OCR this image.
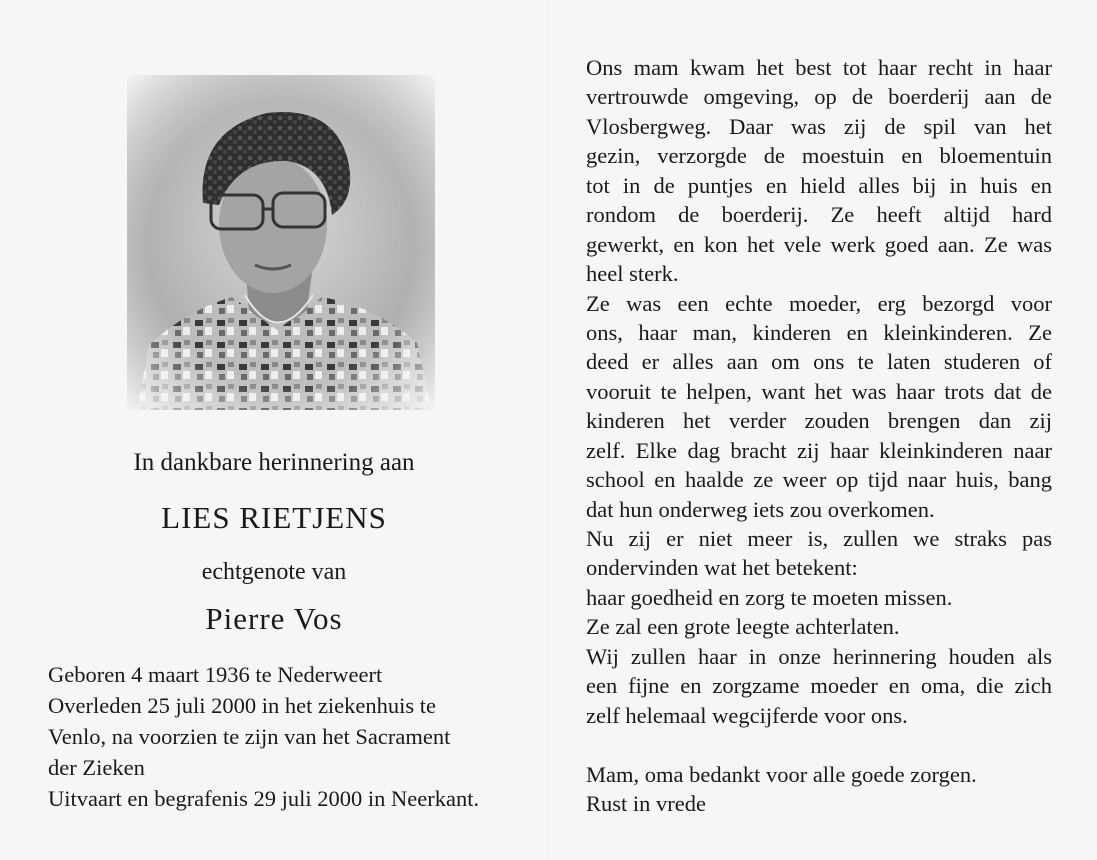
In dankbare herinnering aan
LIES RIETJENS
echtgenote van
Pierre Vos
Geboren 4 maart 1936 te Nederweert
Overleden 25 juli 2000 in het ziekenhuis te
Venlo, na voorzien te zijn van het Sacrament
der Zieken
Uitvaart en begrafenis 29 juli 2000 in Neerkant.
Ons mam kwam het best tot haar recht in haar
vertrouwde omgeving, op de boerderij aan de
Vlosbergweg. Daar was zij de spil van het
gezin, verzorgde de moestuin en bloementuin
tot in de puntjes en hield alles bij in huis en
rondom de boerderij. Ze heeft altijd hard
gewerkt, en kon het vele werk goed aan. Ze was
heel sterk.
Ze was een echte moeder, erg bezorgd voor
ons, haar man, kinderen en kleinkinderen. Ze
deed er alles aan om ons te laten studeren of
vooruit te helpen, want het was haar trots dat de
kinderen het verder zouden brengen dan zij
zelf. Elke dag bracht zij haar kleinkinderen naar
school en haalde ze weer op tijd naar huis, bang
dat hun onderweg iets zou overkomen.
Nu zij er niet meer is, zullen we straks pas
ondervinden wat het betekent:
haar goedheid en zorg te moeten missen.
Ze zal een grote leegte achterlaten.
Wij zullen haar in onze herinnering houden als
een fijne en zorgzame moeder en oma, die zich
zelf helemaal wegcijferde voor ons.
Mam, oma bedankt voor alle goede zorgen.
Rust in vrede
